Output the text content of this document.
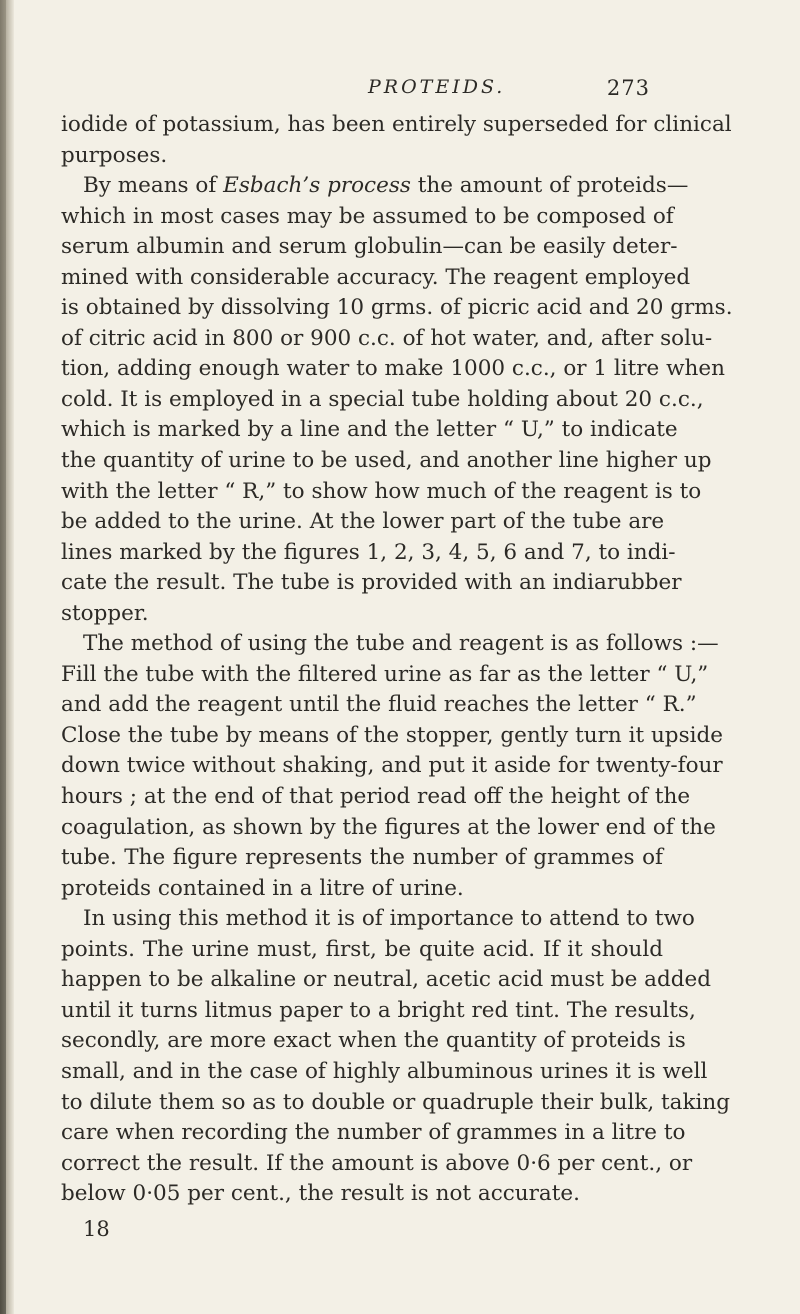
PROTEIDS.	273
iodide of potassium, has been entirely superseded for clinical
purposes.
By means of Esbach’s process the amount of proteids—
which in most cases may be assumed to be composed of
serum albumin and serum globulin—can be easily deter-
mined with considerable accuracy. The reagent employed
is obtained by dissolving 10 grms. of picric acid and 20 grms.
of citric acid in 800 or 900 c.c. of hot water, and, after solu-
tion, adding enough water to make 1000 c.c., or 1 litre when
cold. It is employed in a special tube holding about 20 c.c.,
which is marked by a line and the letter “ U,” to indicate
the quantity of urine to be used, and another line higher up
with the letter “ R,” to show how much of the reagent is to
be added to the urine. At the lower part of the tube are
lines marked by the figures 1, 2, 3, 4, 5, 6 and 7, to indi-
cate the result. The tube is provided with an indiarubber
stopper.
The method of using the tube and reagent is as follows :—
Fill the tube with the filtered urine as far as the letter “ U,”
and add the reagent until the fluid reaches the letter “ R.”
Close the tube by means of the stopper, gently turn it upside
down twice without shaking, and put it aside for twenty-four
hours ; at the end of that period read off the height of the
coagulation, as shown by the figures at the lower end of the
tube. The figure represents the number of grammes of
proteids contained in a litre of urine.
In using this method it is of importance to attend to two
points. The urine must, first, be quite acid. If it should
happen to be alkaline or neutral, acetic acid must be added
until it turns litmus paper to a bright red tint. The results,
secondly, are more exact when the quantity of proteids is
small, and in the case of highly albuminous urines it is well
to dilute them so as to double or quadruple their bulk, taking
care when recording the number of grammes in a litre to
correct the result. If the amount is above 0·6 per cent., or
below 0·05 per cent., the result is not accurate.
18
